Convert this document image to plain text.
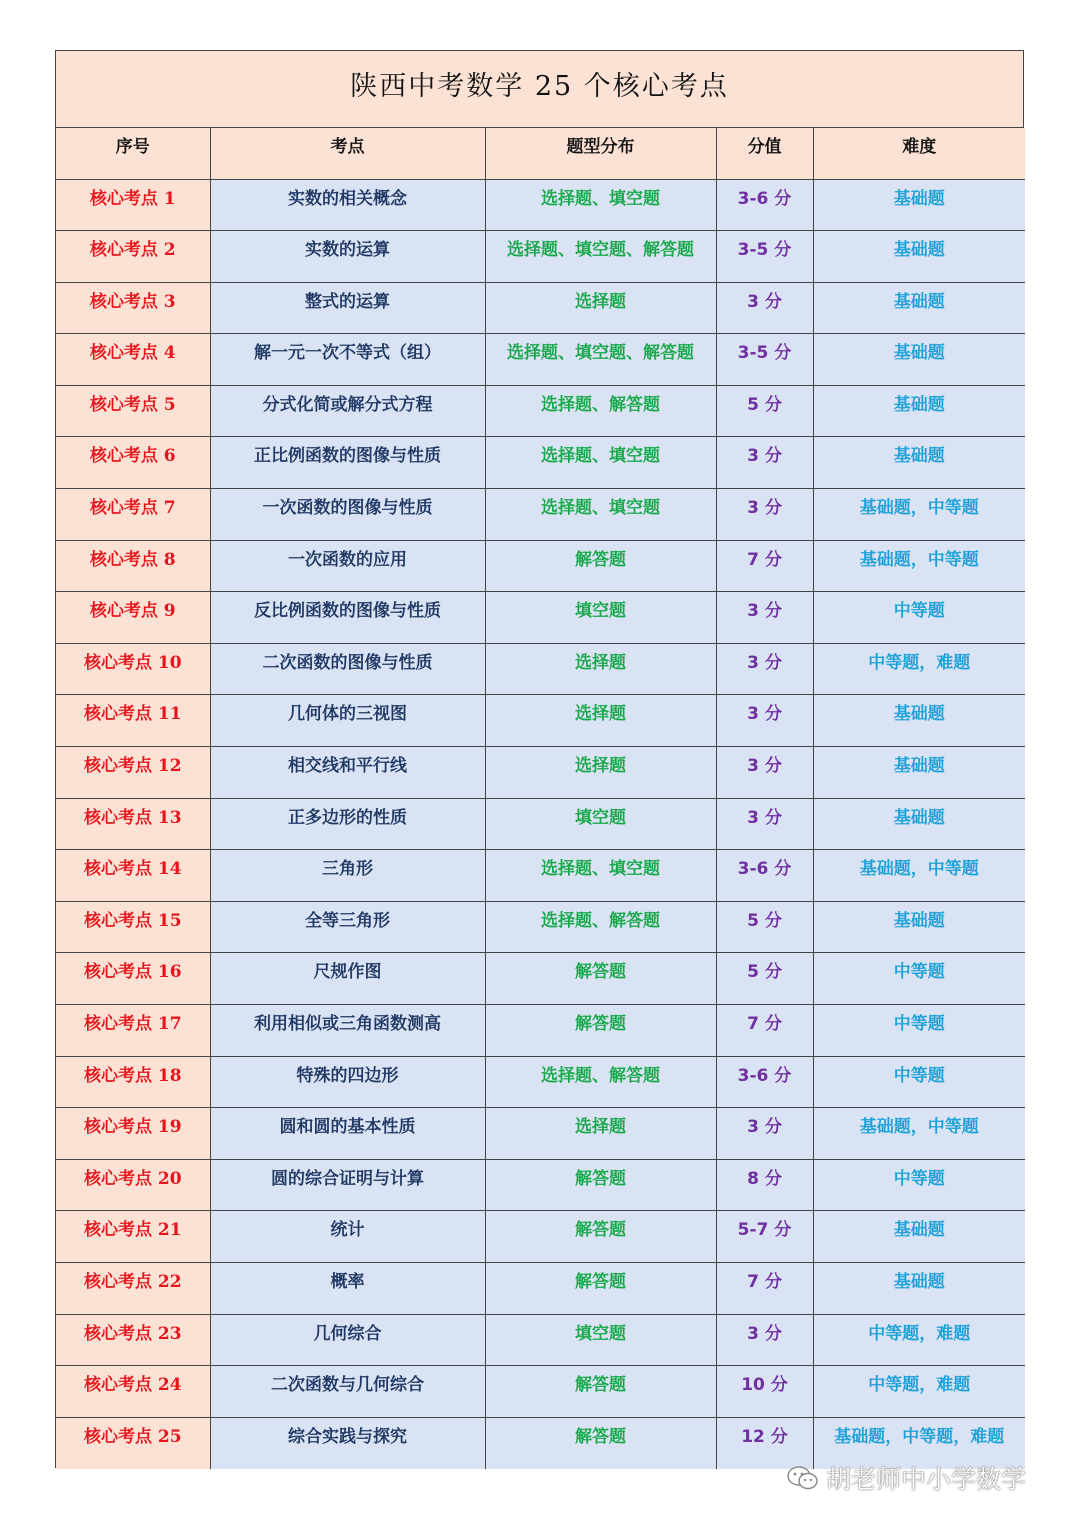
陕西中考数学 25 个核心考点
序号	考点	题型分布	分值	难度
核心考点 1	实数的相关概念	选择题、填空题	3-6 分	基础题
核心考点 2	实数的运算	选择题、填空题、解答题	3-5 分	基础题
核心考点 3	整式的运算	选择题	3 分	基础题
核心考点 4	解一元一次不等式（组）	选择题、填空题、解答题	3-5 分	基础题
核心考点 5	分式化简或解分式方程	选择题、解答题	5 分	基础题
核心考点 6	正比例函数的图像与性质	选择题、填空题	3 分	基础题
核心考点 7	一次函数的图像与性质	选择题、填空题	3 分	基础题，中等题
核心考点 8	一次函数的应用	解答题	7 分	基础题，中等题
核心考点 9	反比例函数的图像与性质	填空题	3 分	中等题
核心考点 10	二次函数的图像与性质	选择题	3 分	中等题，难题
核心考点 11	几何体的三视图	选择题	3 分	基础题
核心考点 12	相交线和平行线	选择题	3 分	基础题
核心考点 13	正多边形的性质	填空题	3 分	基础题
核心考点 14	三角形	选择题、填空题	3-6 分	基础题，中等题
核心考点 15	全等三角形	选择题、解答题	5 分	基础题
核心考点 16	尺规作图	解答题	5 分	中等题
核心考点 17	利用相似或三角函数测高	解答题	7 分	中等题
核心考点 18	特殊的四边形	选择题、解答题	3-6 分	中等题
核心考点 19	圆和圆的基本性质	选择题	3 分	基础题，中等题
核心考点 20	圆的综合证明与计算	解答题	8 分	中等题
核心考点 21	统计	解答题	5-7 分	基础题
核心考点 22	概率	解答题	7 分	基础题
核心考点 23	几何综合	填空题	3 分	中等题，难题
核心考点 24	二次函数与几何综合	解答题	10 分	中等题，难题
核心考点 25	综合实践与探究	解答题	12 分	基础题，中等题，难题
胡老师中小学数学
